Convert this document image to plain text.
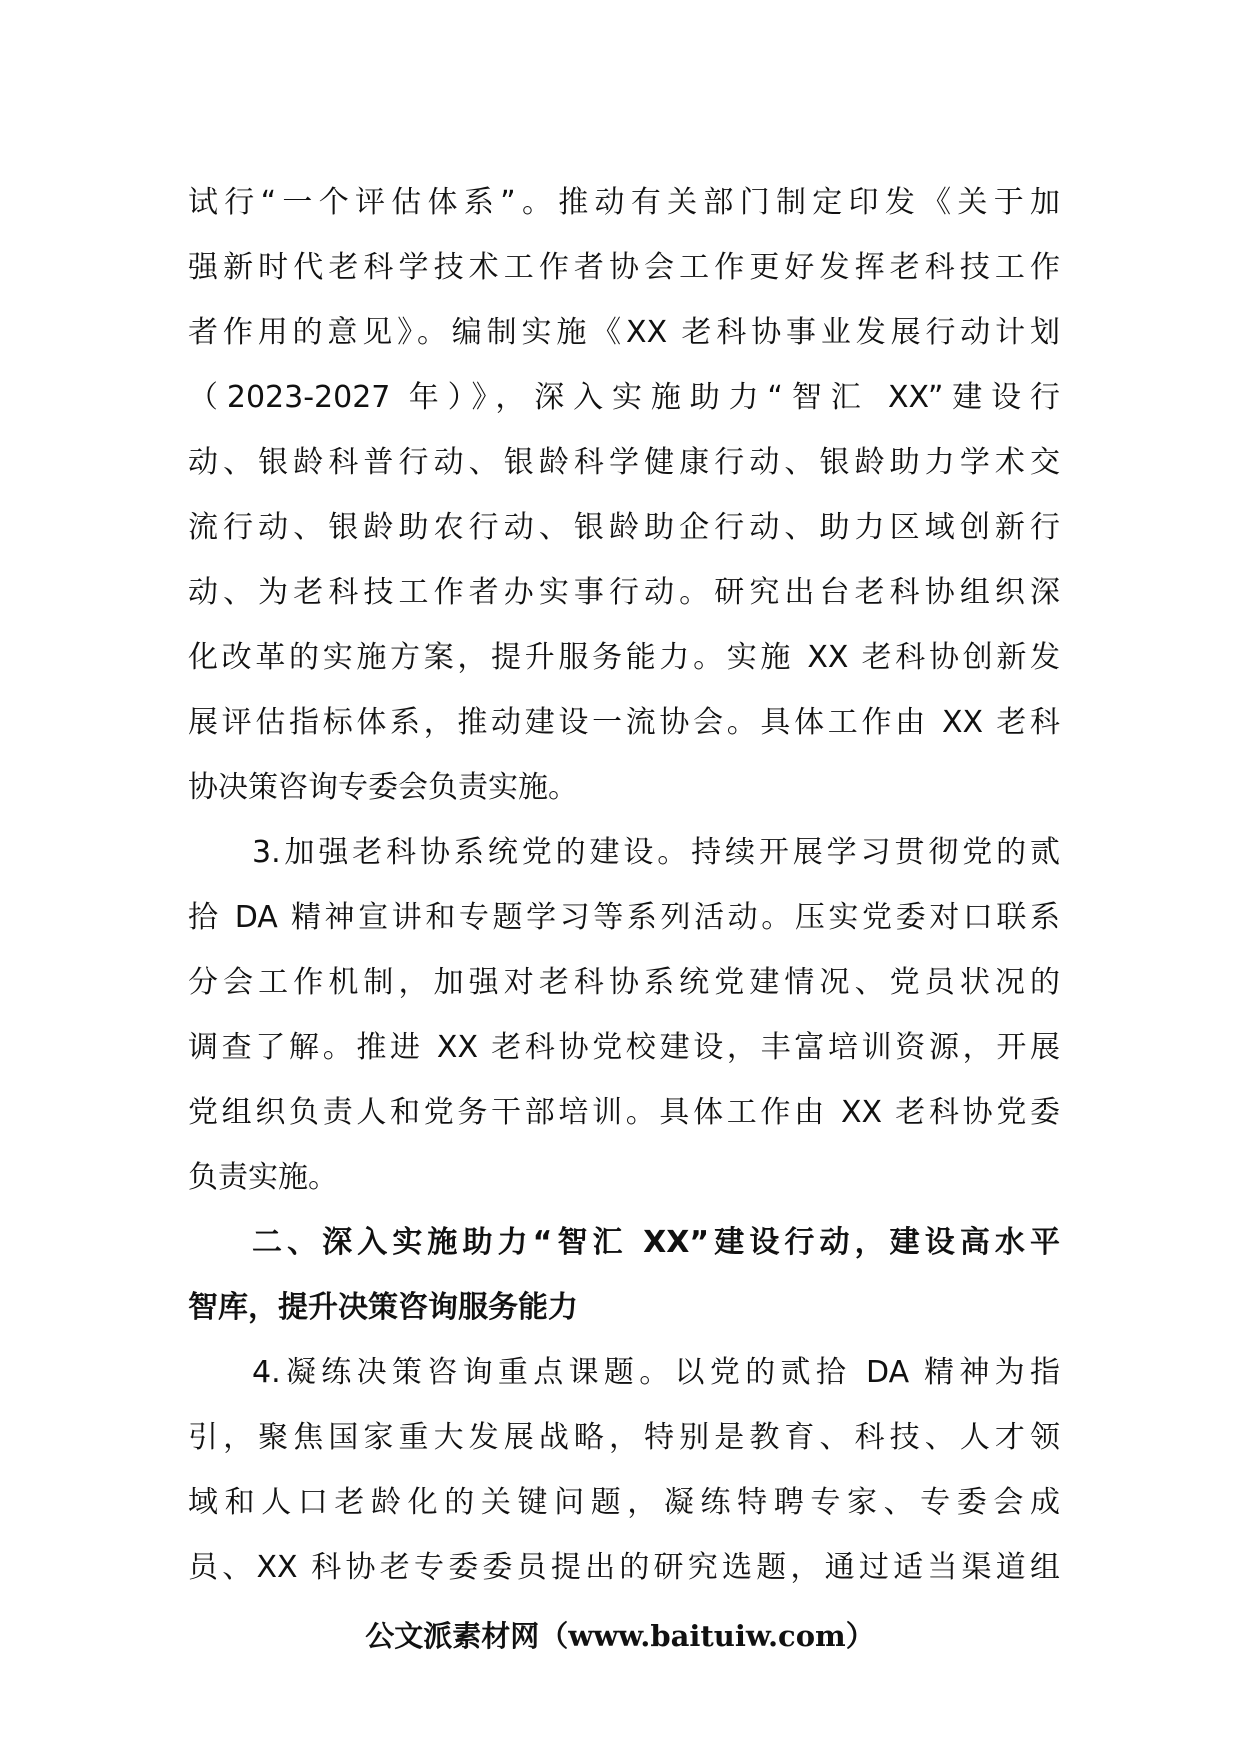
试行“一个评估体系”。推动有关部门制定印发《关于加
强新时代老科学技术工作者协会工作更好发挥老科技工作
者作用的意见》。编制实施《XX 老科协事业发展行动计划
（2023-2027 年）》，深入实施助力“智汇 XX”建设行
动、银龄科普行动、银龄科学健康行动、银龄助力学术交
流行动、银龄助农行动、银龄助企行动、助力区域创新行
动、为老科技工作者办实事行动。研究出台老科协组织深
化改革的实施方案，提升服务能力。实施 XX 老科协创新发
展评估指标体系，推动建设一流协会。具体工作由 XX 老科
协决策咨询专委会负责实施。
3.加强老科协系统党的建设。持续开展学习贯彻党的贰
拾 DA 精神宣讲和专题学习等系列活动。压实党委对口联系
分会工作机制，加强对老科协系统党建情况、党员状况的
调查了解。推进 XX 老科协党校建设，丰富培训资源，开展
党组织负责人和党务干部培训。具体工作由 XX 老科协党委
负责实施。
二、深入实施助力“智汇 XX”建设行动，建设高水平
智库，提升决策咨询服务能力
4.凝练决策咨询重点课题。以党的贰拾 DA 精神为指
引，聚焦国家重大发展战略，特别是教育、科技、人才领
域和人口老龄化的关键问题，凝练特聘专家、专委会成
员、XX 科协老专委委员提出的研究选题，通过适当渠道组
公文派素材网（www.baituiw.com）
